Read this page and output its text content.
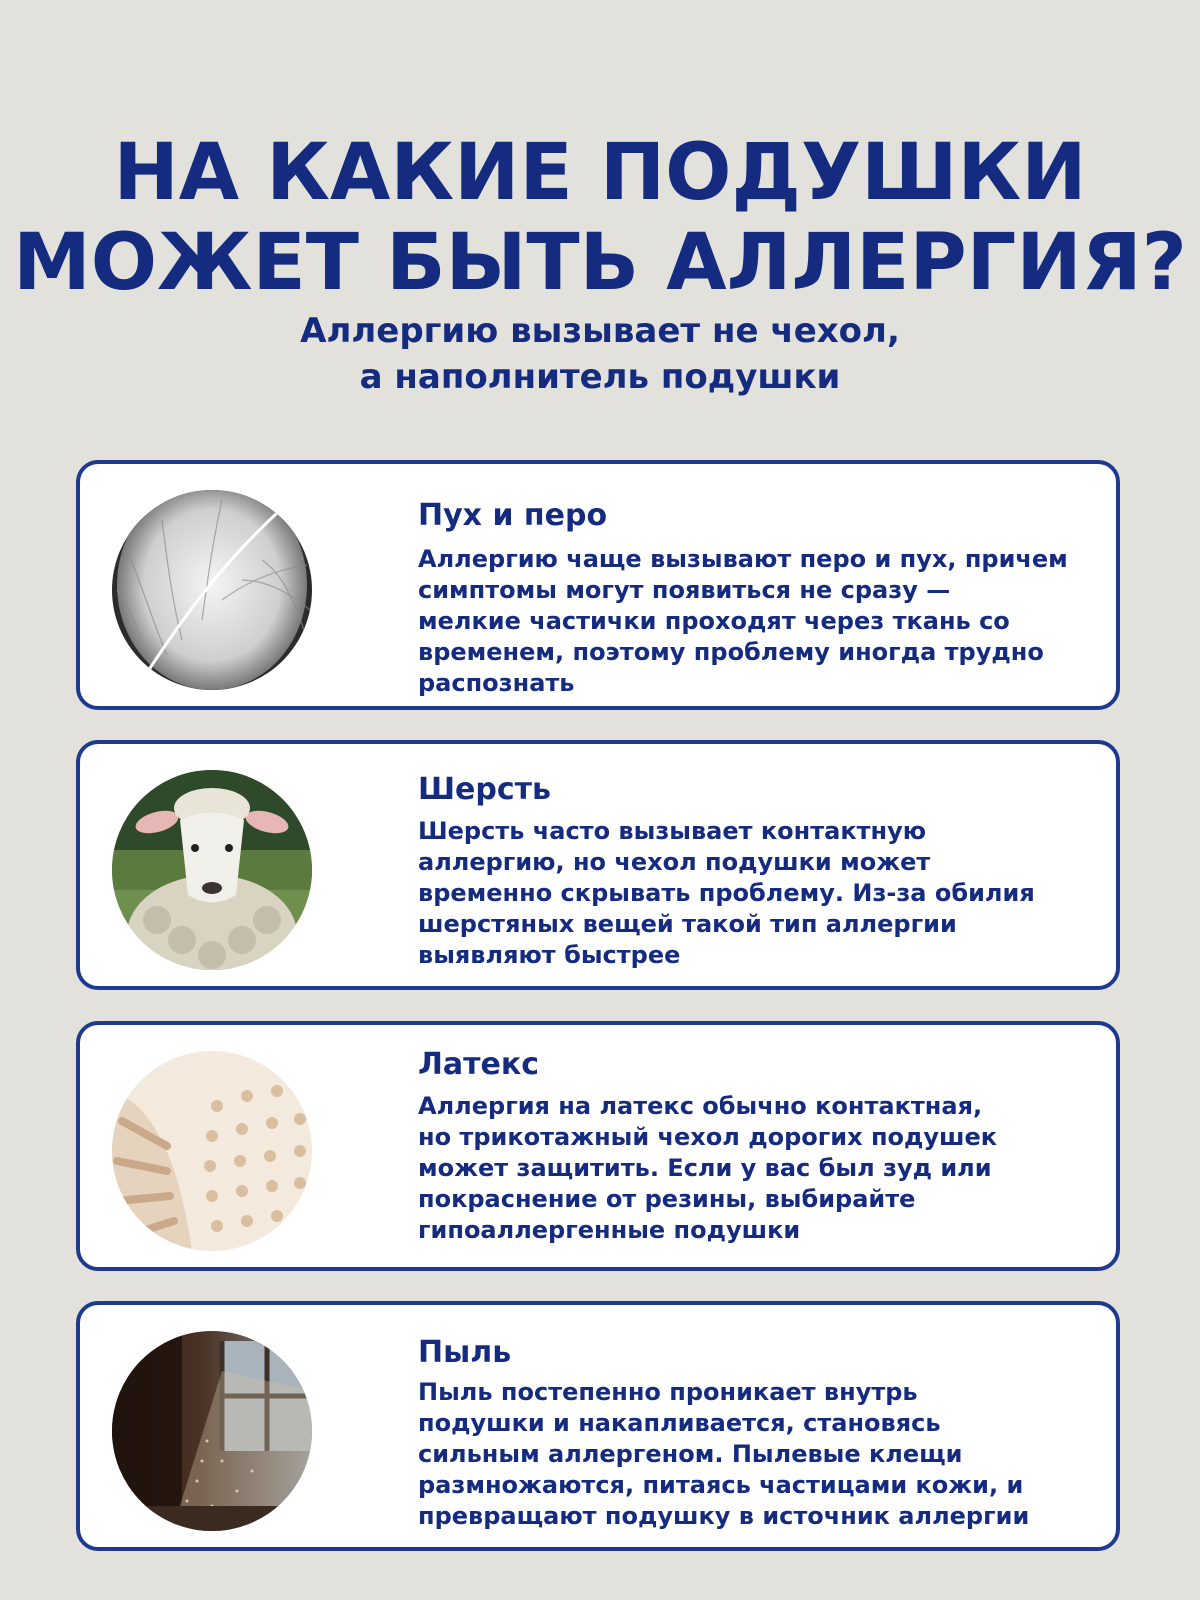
НА КАКИЕ ПОДУШКИ
МОЖЕТ БЫТЬ АЛЛЕРГИЯ?
Аллергию вызывает не чехол,
а наполнитель подушки
Пух и перо
Аллергию чаще вызывают перо и пух, причем
симптомы могут появиться не сразу —
мелкие частички проходят через ткань со
временем, поэтому проблему иногда трудно
распознать
Шерсть
Шерсть часто вызывает контактную
аллергию, но чехол подушки может
временно скрывать проблему. Из-за обилия
шерстяных вещей такой тип аллергии
выявляют быстрее
Латекс
Аллергия на латекс обычно контактная,
но трикотажный чехол дорогих подушек
может защитить. Если у вас был зуд или
покраснение от резины, выбирайте
гипоаллергенные подушки
Пыль
Пыль постепенно проникает внутрь
подушки и накапливается, становясь
сильным аллергеном. Пылевые клещи
размножаются, питаясь частицами кожи, и
превращают подушку в источник аллергии
